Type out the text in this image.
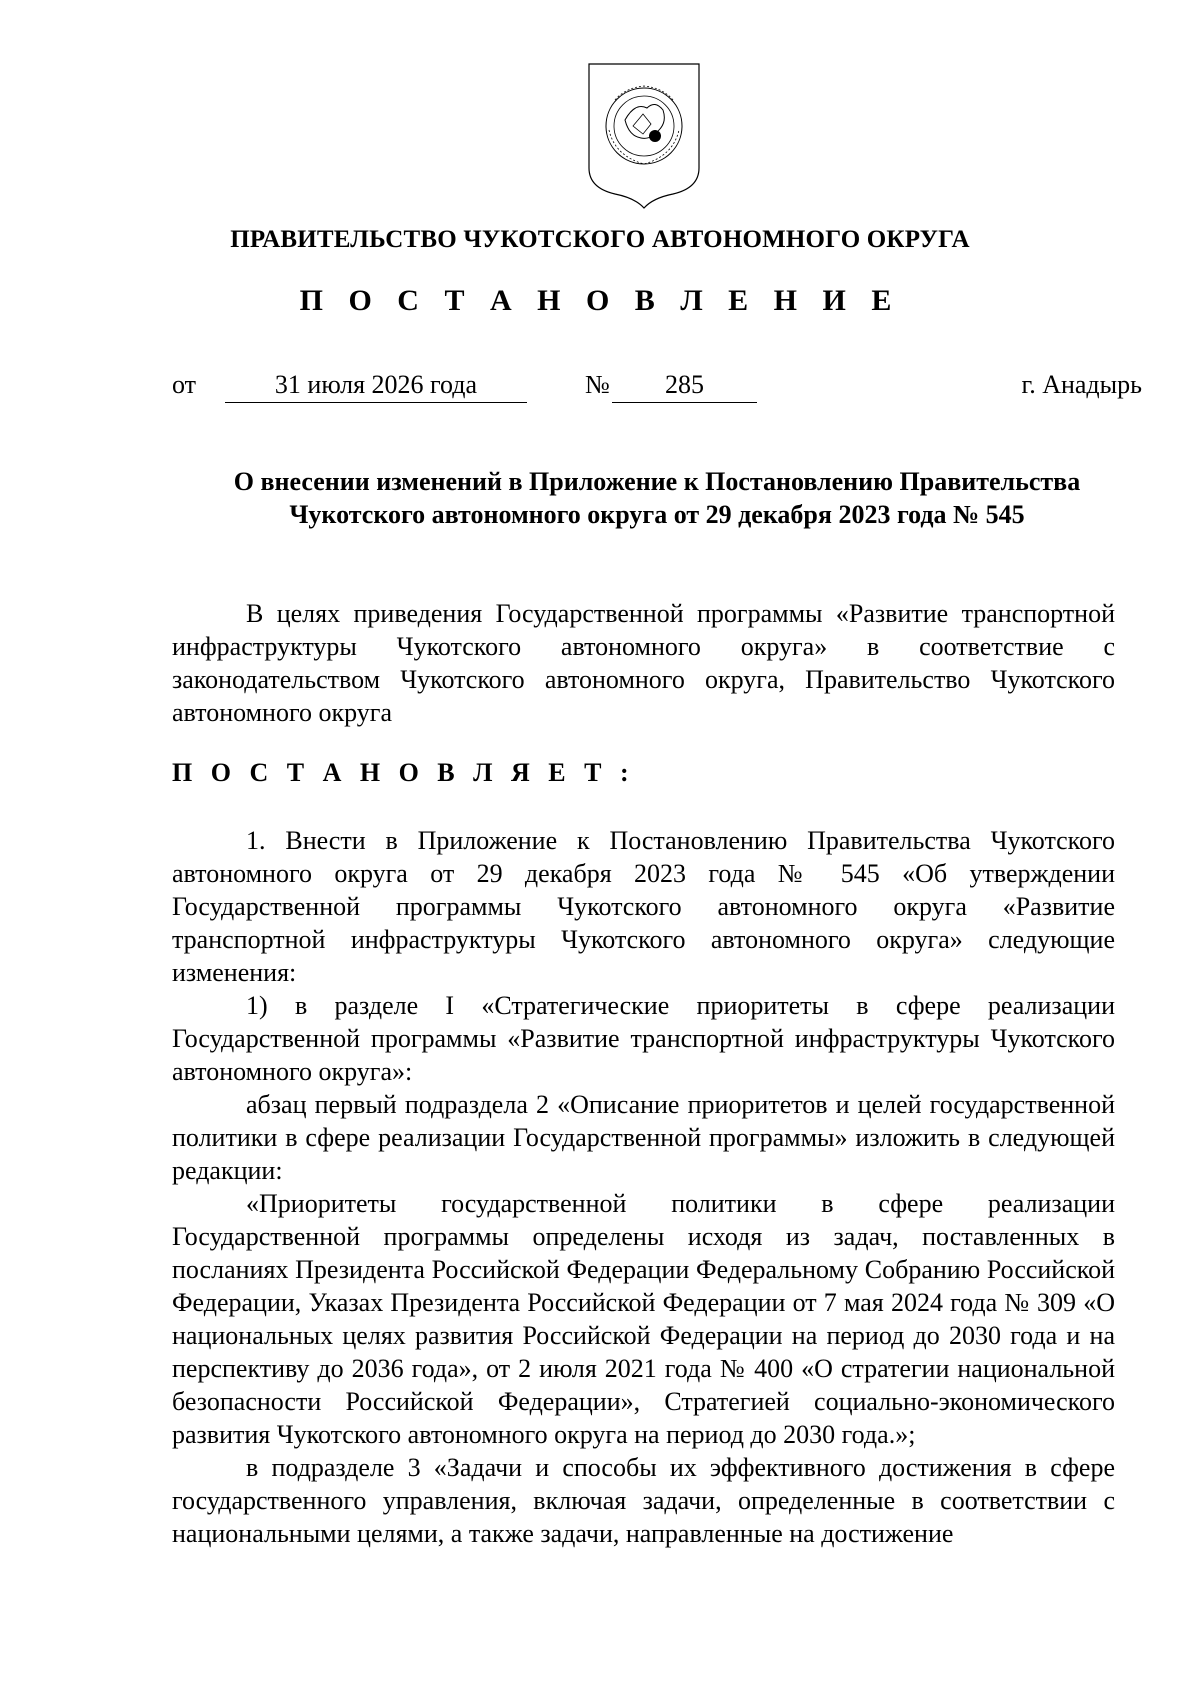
ПРАВИТЕЛЬСТВО ЧУКОТСКОГО АВТОНОМНОГО ОКРУГА
П О С Т А Н О В Л Е Н И Е
от	31 июля 2026 года	№	285	г. Анадырь
О внесении изменений в Приложение к Постановлению Правительства
Чукотского автономного округа от 29 декабря 2023 года № 545

В целях приведения Государственной программы «Развитие транспортной инфраструктуры Чукотского автономного округа» в соответствие с законодательством Чукотского автономного округа, Правительство Чукотского автономного округа

П О С Т А Н О В Л Я Е Т :

1. Внести в Приложение к Постановлению Правительства Чукотского автономного округа от 29 декабря 2023 года № 545 «Об утверждении Государственной программы Чукотского автономного округа «Развитие транспортной инфраструктуры Чукотского автономного округа» следующие изменения:

1) в разделе I «Стратегические приоритеты в сфере реализации Государственной программы «Развитие транспортной инфраструктуры Чукотского автономного округа»:

абзац первый подраздела 2 «Описание приоритетов и целей государственной политики в сфере реализации Государственной программы» изложить в следующей редакции:

«Приоритеты государственной политики в сфере реализации Государственной программы определены исходя из задач, поставленных в посланиях Президента Российской Федерации Федеральному Собранию Российской Федерации, Указах Президента Российской Федерации от 7 мая 2024 года № 309 «О национальных целях развития Российской Федерации на период до 2030 года и на перспективу до 2036 года», от 2 июля 2021 года № 400 «О стратегии национальной безопасности Российской Федерации», Стратегией социально-экономического развития Чукотского автономного округа на период до 2030 года.»;

в подразделе 3 «Задачи и способы их эффективного достижения в сфере государственного управления, включая задачи, определенные в соответствии с национальными целями, а также задачи, направленные на достижение
